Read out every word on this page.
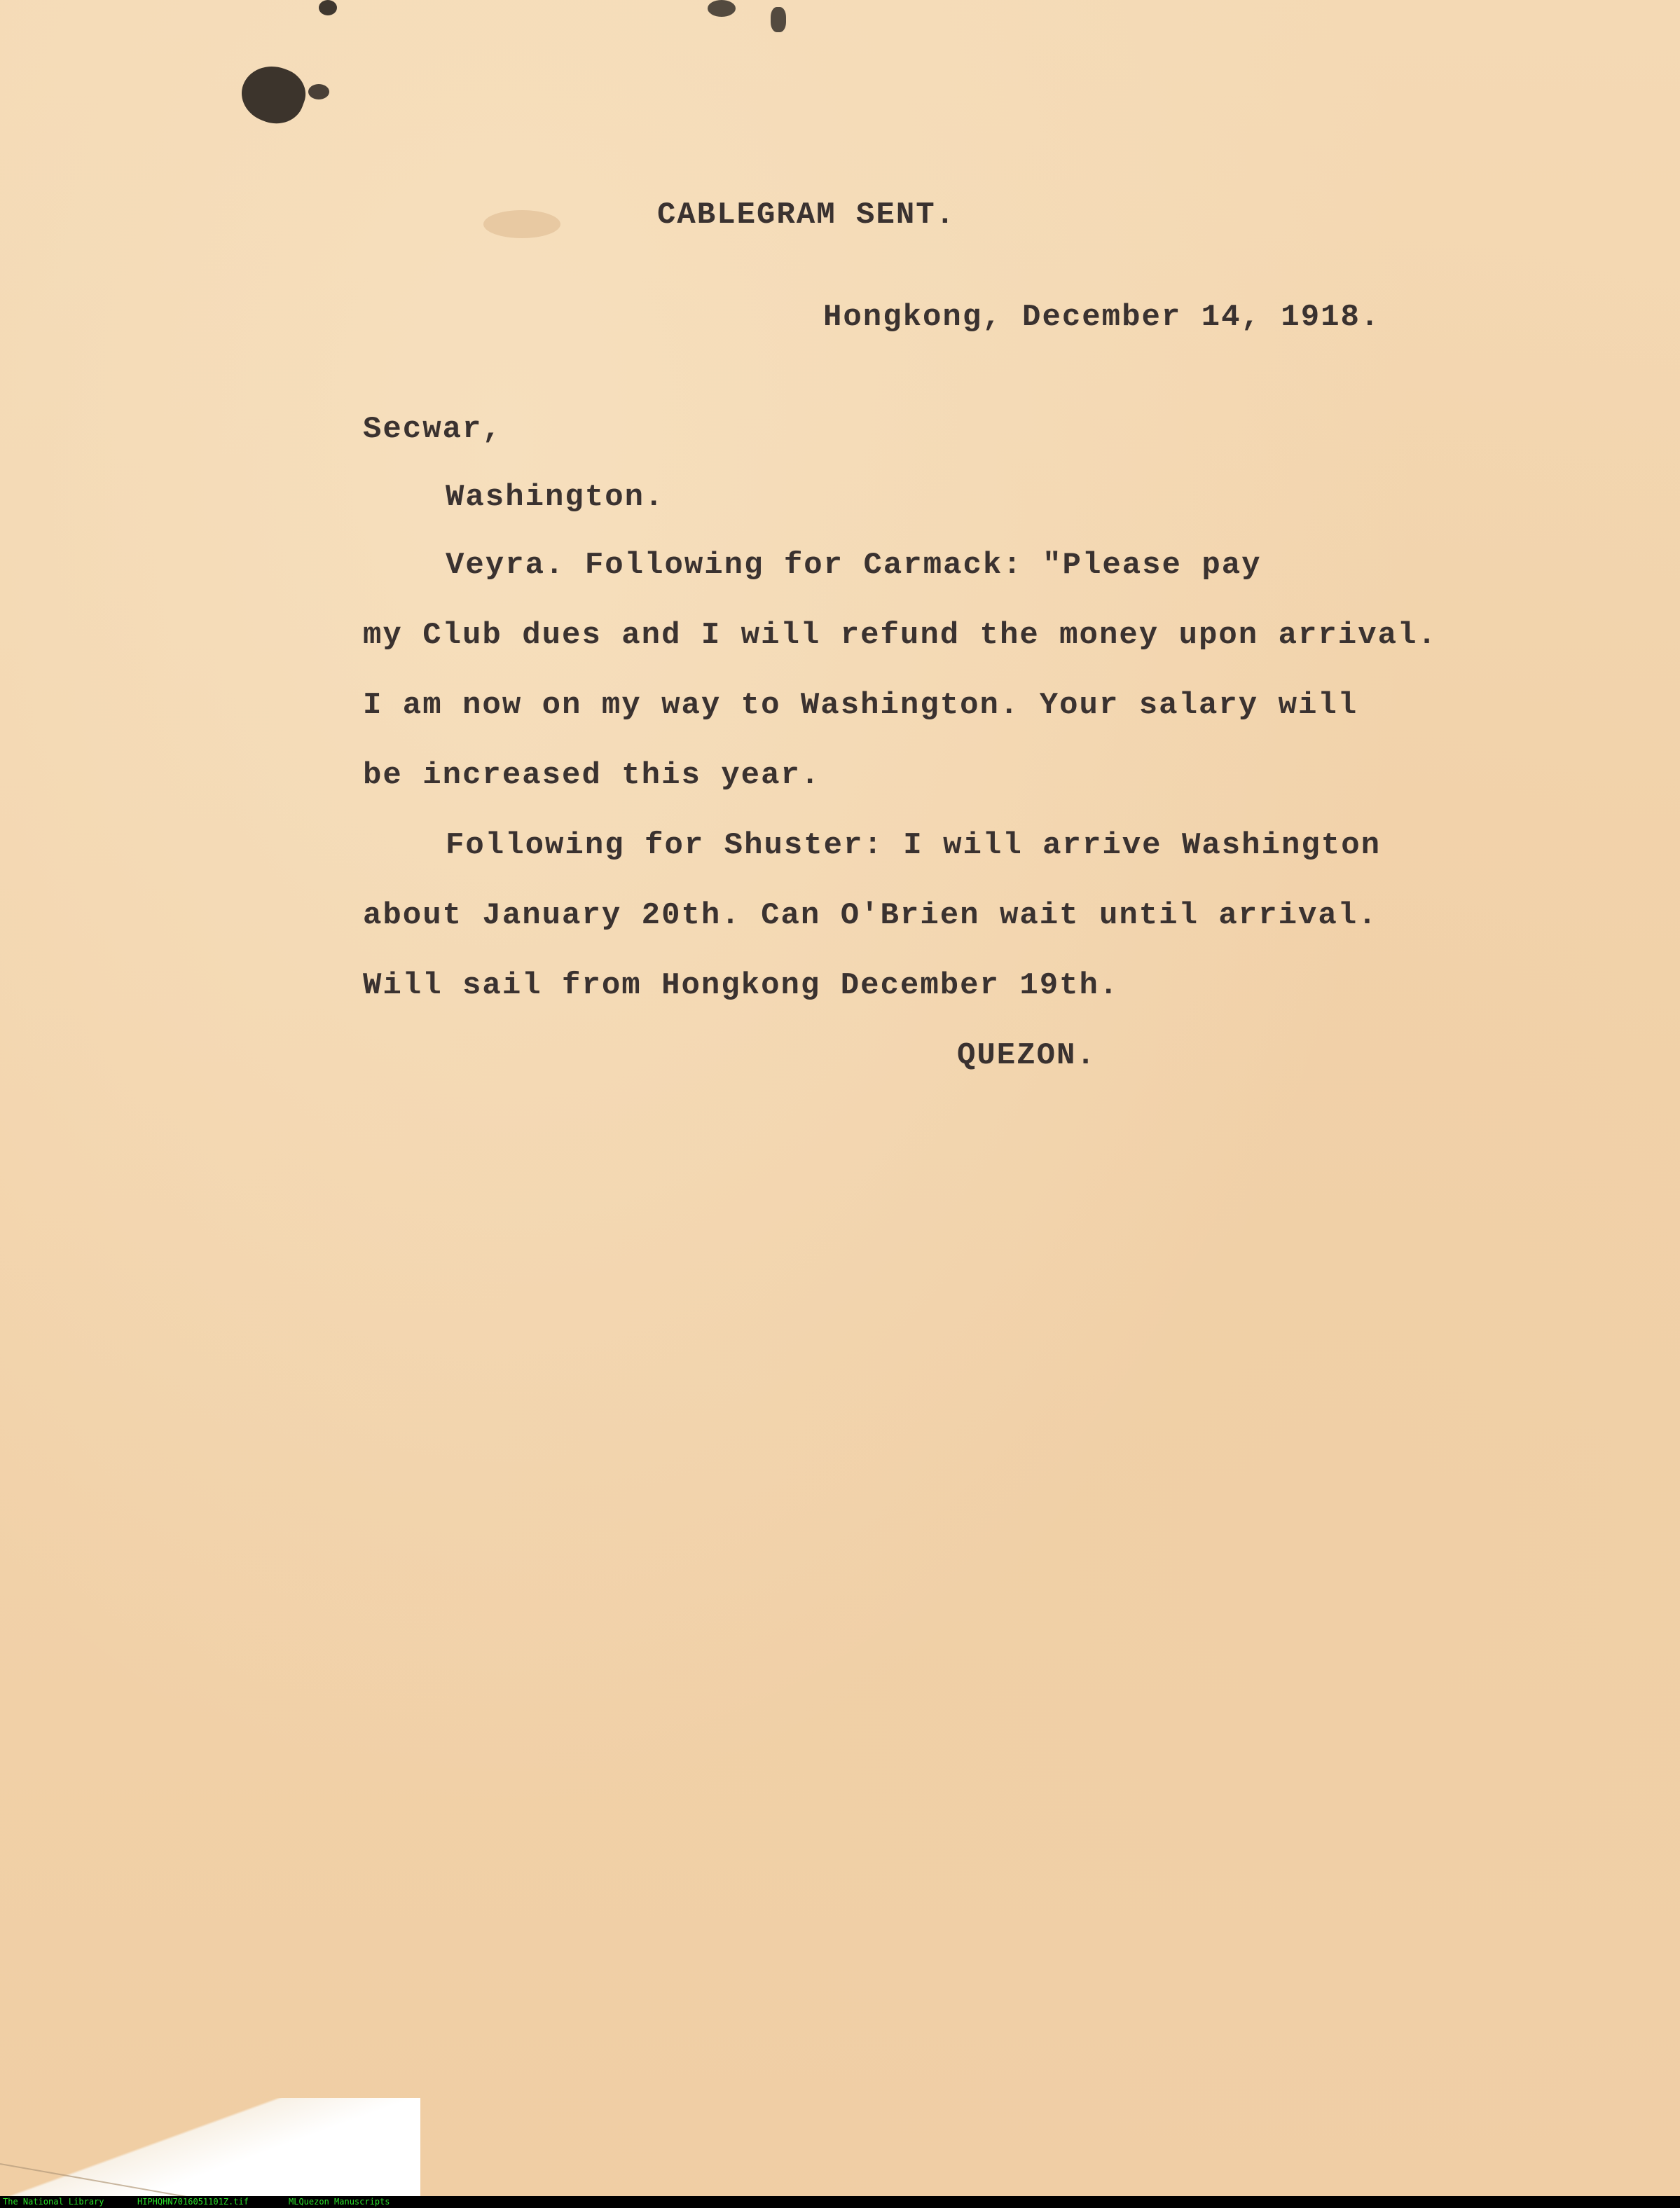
CABLEGRAM SENT.
Hongkong, December 14, 1918.
Secwar,
Washington.
Veyra. Following for Carmack: "Please pay
my Club dues and I will refund the money upon arrival.
I am now on my way to Washington. Your salary will
be increased this year.
Following for Shuster: I will arrive Washington
about January 20th. Can O'Brien wait until arrival.
Will sail from Hongkong December 19th.
QUEZON.
The National Library	HIPHQHN7016051101Z.tif	MLQuezon Manuscripts
